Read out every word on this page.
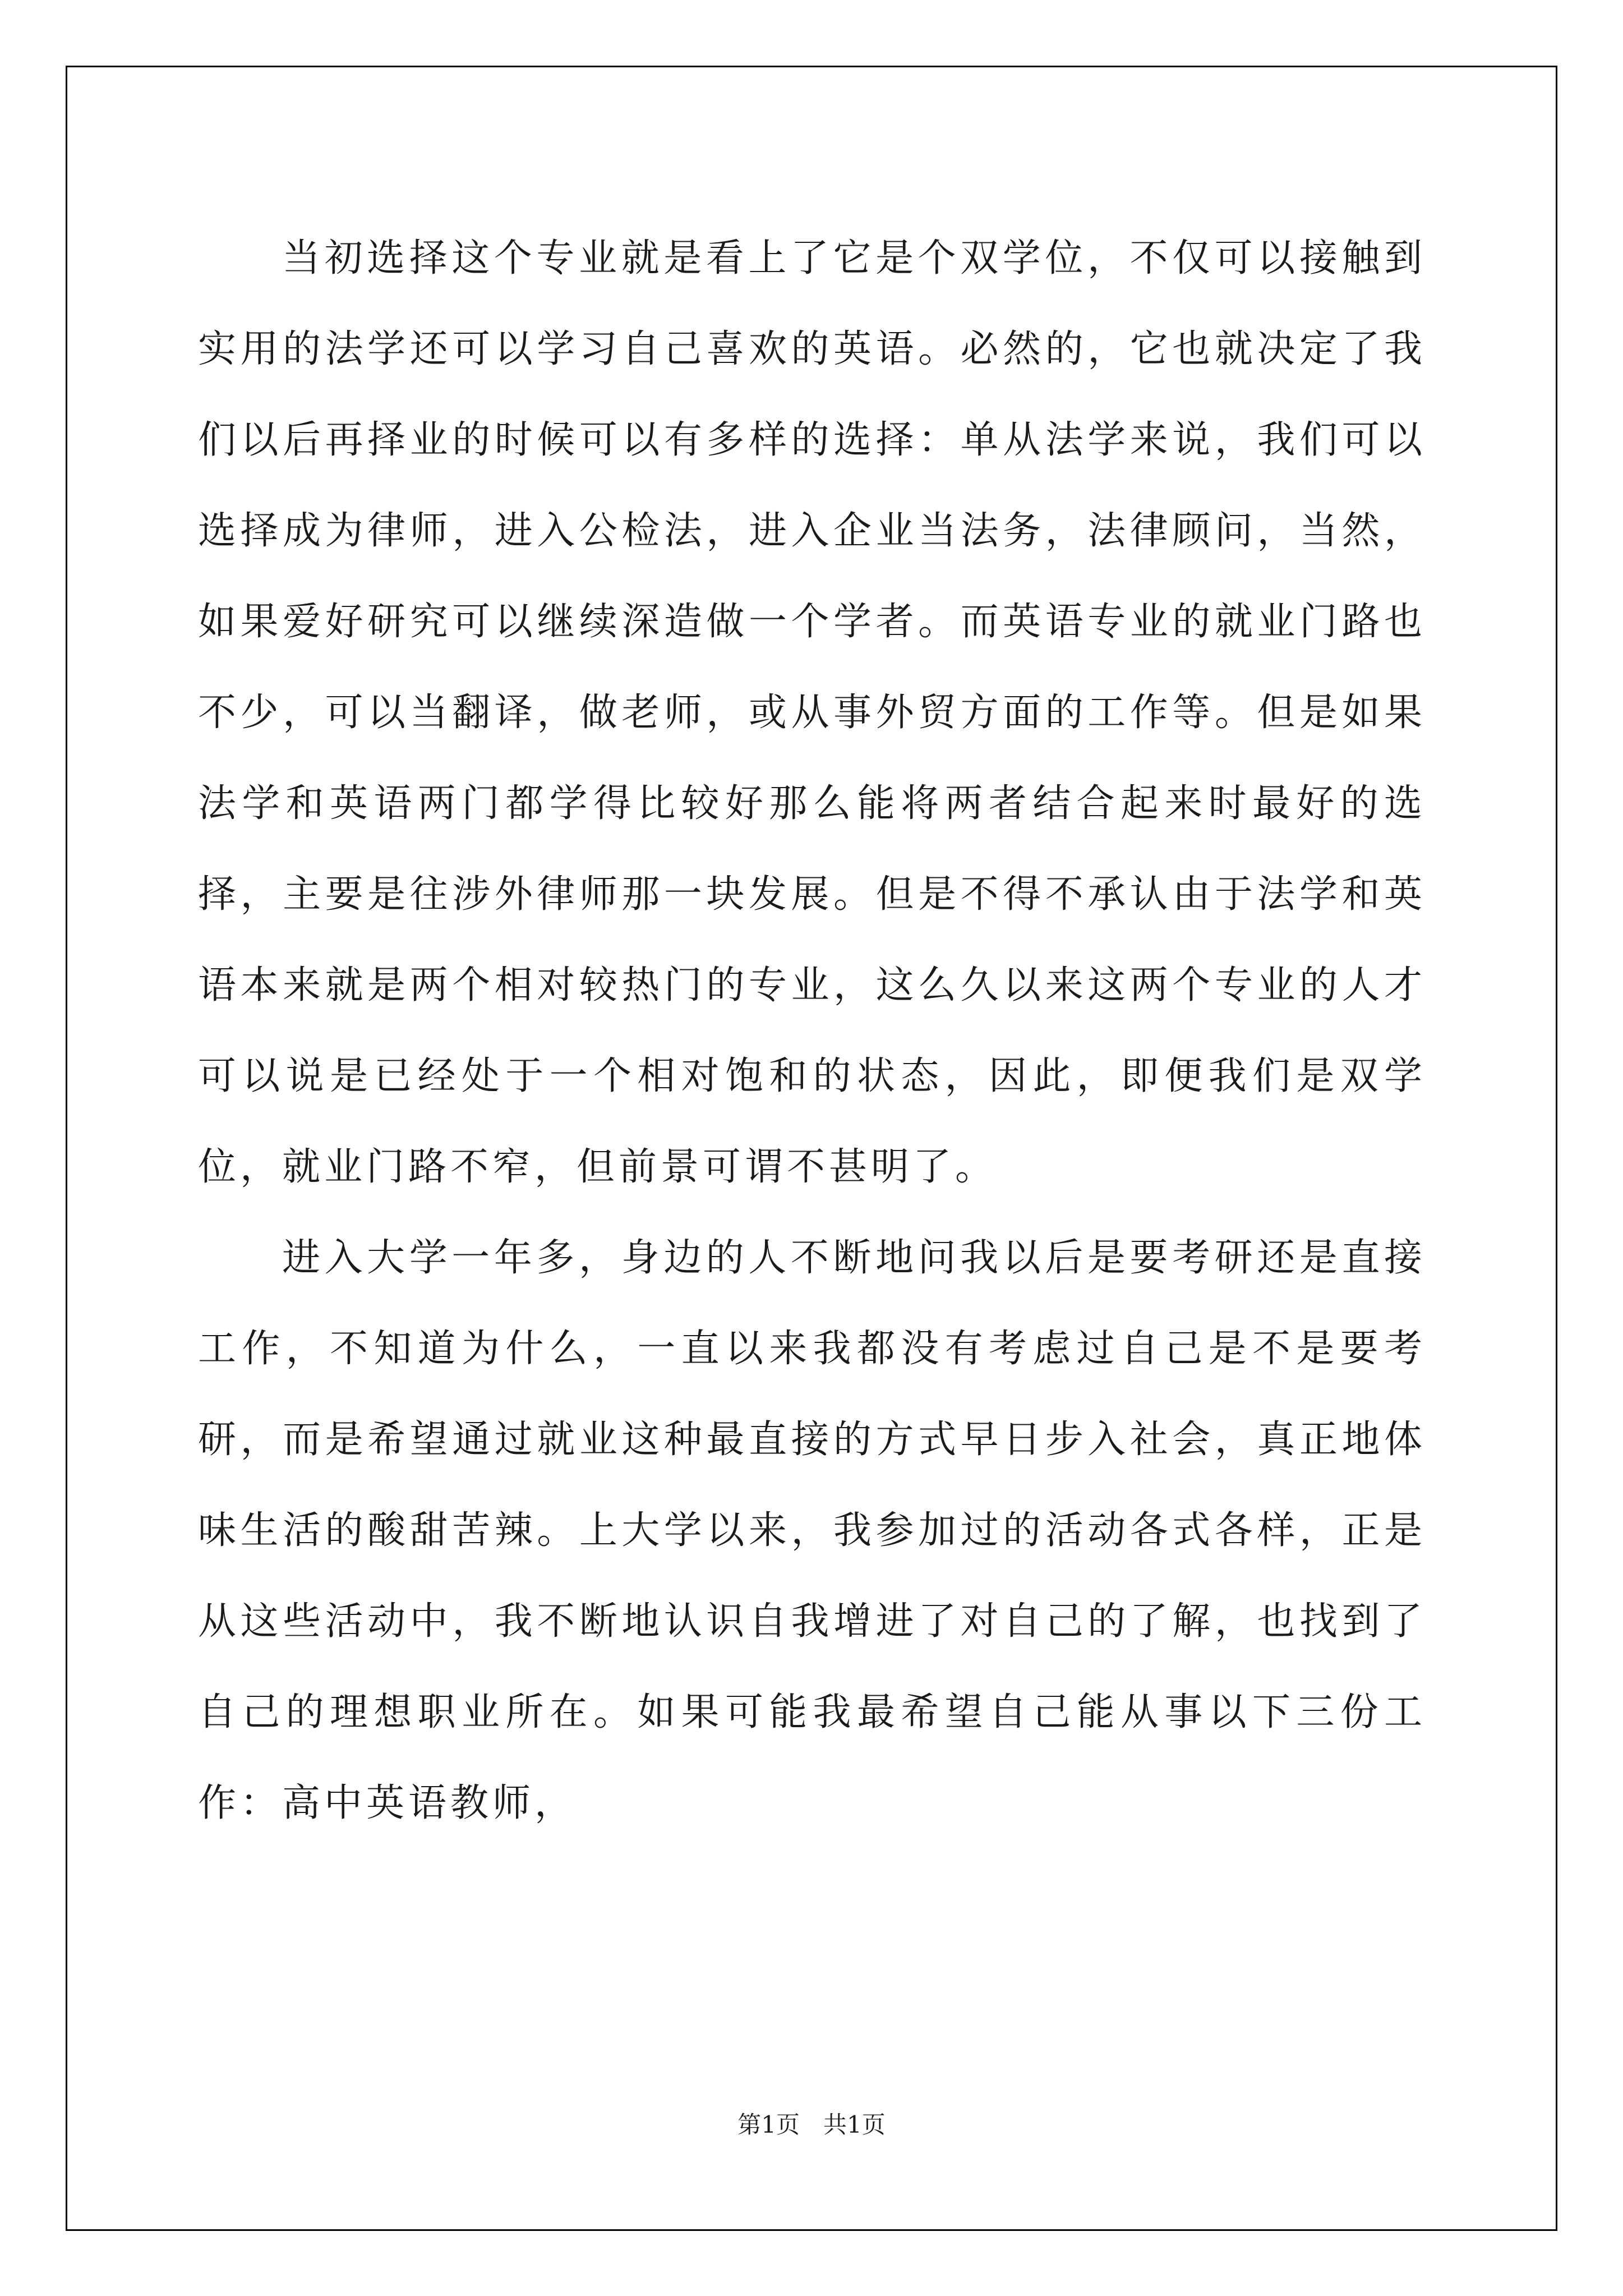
当初选择这个专业就是看上了它是个双学位，不仅可以接触到实用的法学还可以学习自己喜欢的英语。必然的，它也就决定了我们以后再择业的时候可以有多样的选择：单从法学来说，我们可以选择成为律师，进入公检法，进入企业当法务，法律顾问，当然，如果爱好研究可以继续深造做一个学者。而英语专业的就业门路也不少，可以当翻译，做老师，或从事外贸方面的工作等。但是如果法学和英语两门都学得比较好那么能将两者结合起来时最好的选择，主要是往涉外律师那一块发展。但是不得不承认由于法学和英语本来就是两个相对较热门的专业，这么久以来这两个专业的人才可以说是已经处于一个相对饱和的状态，因此，即便我们是双学位，就业门路不窄，但前景可谓不甚明了。

进入大学一年多，身边的人不断地问我以后是要考研还是直接工作，不知道为什么，一直以来我都没有考虑过自己是不是要考研，而是希望通过就业这种最直接的方式早日步入社会，真正地体味生活的酸甜苦辣。上大学以来，我参加过的活动各式各样，正是从这些活动中，我不断地认识自我增进了对自己的了解，也找到了自己的理想职业所在。如果可能我最希望自己能从事以下三份工作：高中英语教师，

第1页　共1页
